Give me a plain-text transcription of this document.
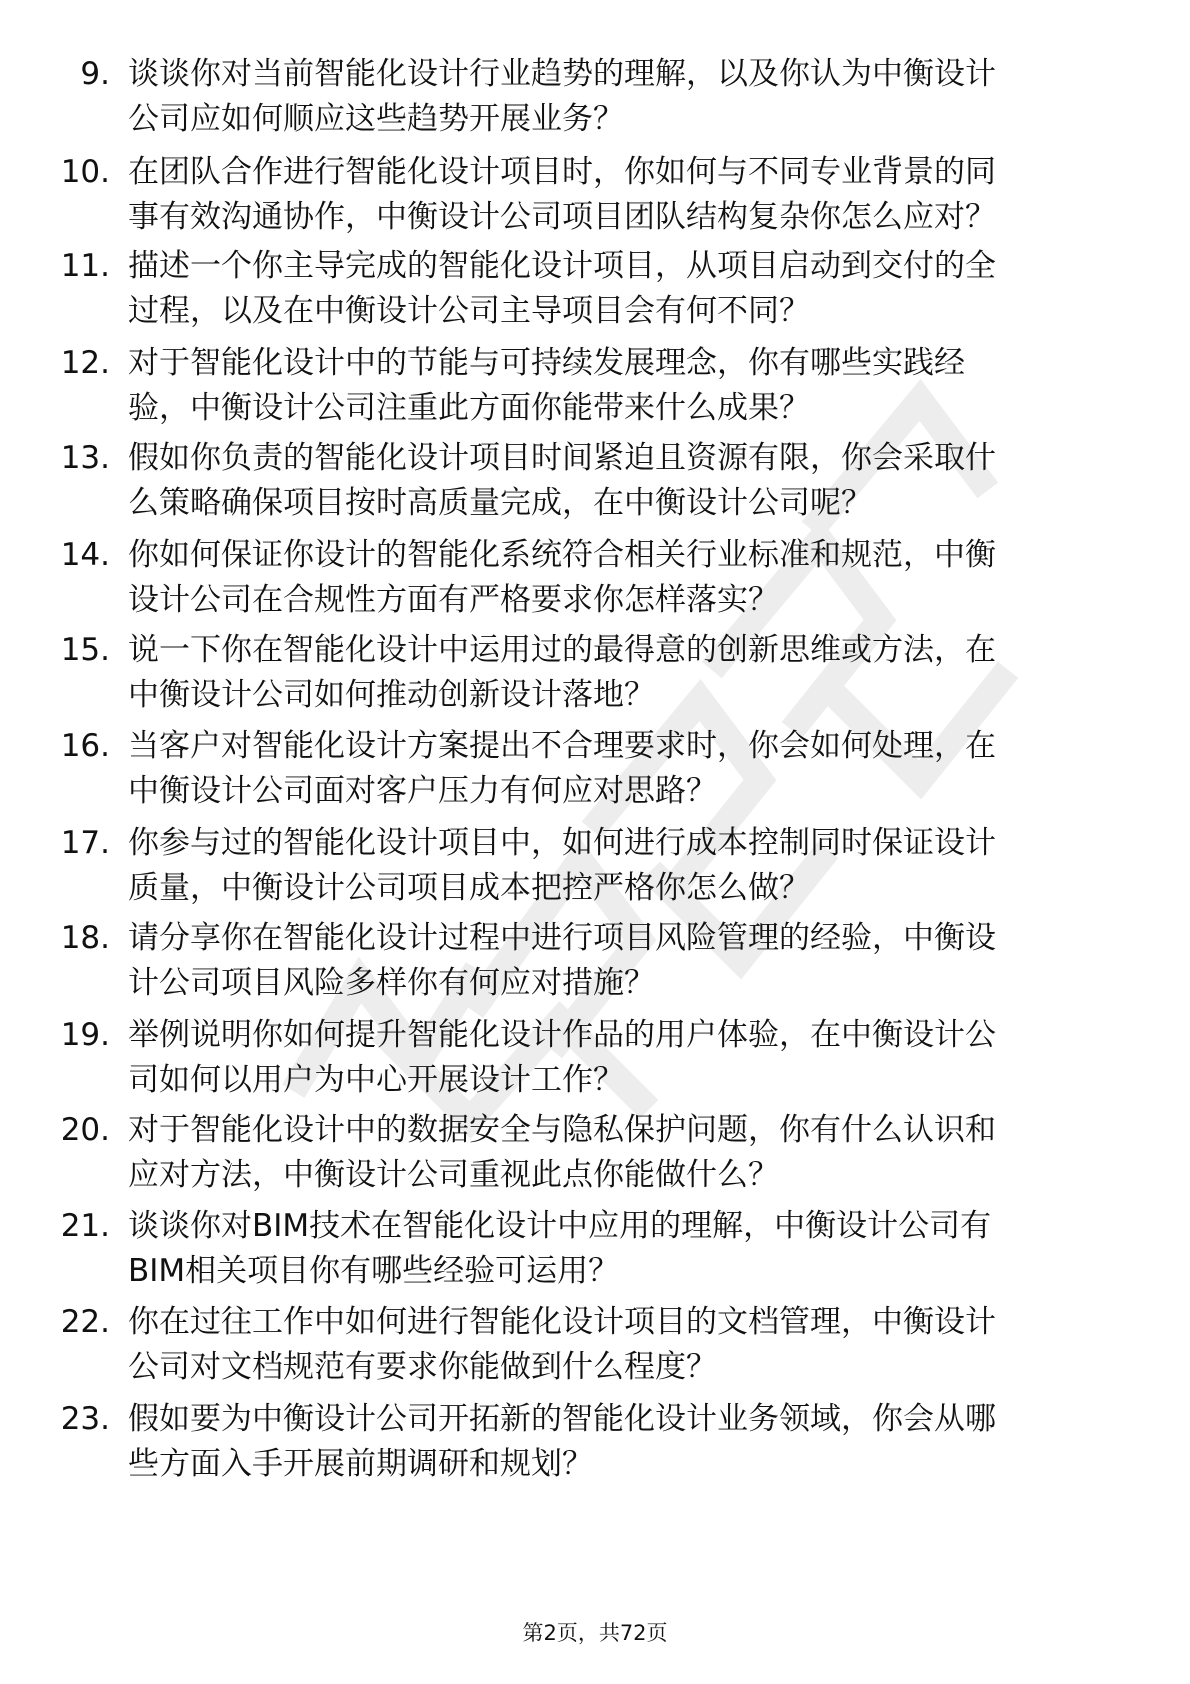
9. 谈谈你对当前智能化设计行业趋势的理解，以及你认为中衡设计
公司应如何顺应这些趋势开展业务？
10. 在团队合作进行智能化设计项目时，你如何与不同专业背景的同
事有效沟通协作，中衡设计公司项目团队结构复杂你怎么应对？
11. 描述一个你主导完成的智能化设计项目，从项目启动到交付的全
过程，以及在中衡设计公司主导项目会有何不同？
12. 对于智能化设计中的节能与可持续发展理念，你有哪些实践经
验，中衡设计公司注重此方面你能带来什么成果？
13. 假如你负责的智能化设计项目时间紧迫且资源有限，你会采取什
么策略确保项目按时高质量完成，在中衡设计公司呢？
14. 你如何保证你设计的智能化系统符合相关行业标准和规范，中衡
设计公司在合规性方面有严格要求你怎样落实？
15. 说一下你在智能化设计中运用过的最得意的创新思维或方法，在
中衡设计公司如何推动创新设计落地？
16. 当客户对智能化设计方案提出不合理要求时，你会如何处理，在
中衡设计公司面对客户压力有何应对思路？
17. 你参与过的智能化设计项目中，如何进行成本控制同时保证设计
质量，中衡设计公司项目成本把控严格你怎么做？
18. 请分享你在智能化设计过程中进行项目风险管理的经验，中衡设
计公司项目风险多样你有何应对措施？
19. 举例说明你如何提升智能化设计作品的用户体验，在中衡设计公
司如何以用户为中心开展设计工作？
20. 对于智能化设计中的数据安全与隐私保护问题，你有什么认识和
应对方法，中衡设计公司重视此点你能做什么？
21. 谈谈你对BIM技术在智能化设计中应用的理解，中衡设计公司有
BIM相关项目你有哪些经验可运用？
22. 你在过往工作中如何进行智能化设计项目的文档管理，中衡设计
公司对文档规范有要求你能做到什么程度？
23. 假如要为中衡设计公司开拓新的智能化设计业务领域，你会从哪
些方面入手开展前期调研和规划？
第2页，共72页
